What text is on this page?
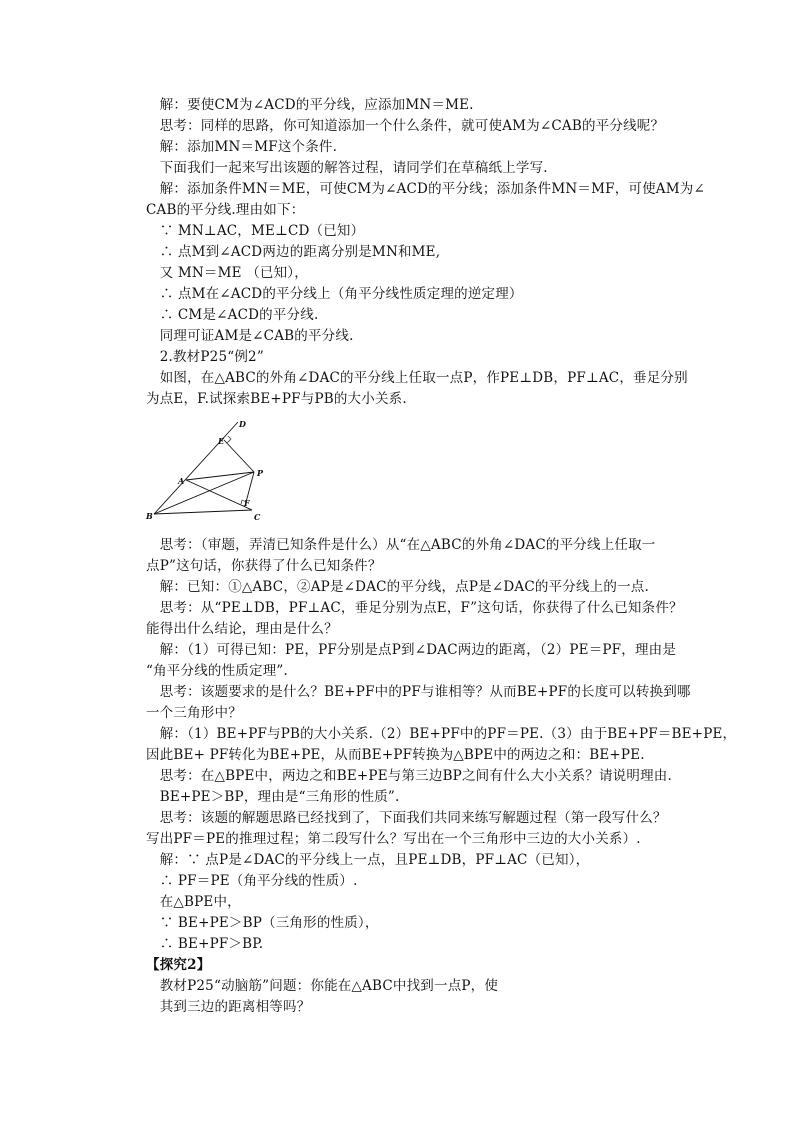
　解：要使CM为∠ACD的平分线，应添加MN＝ME.
　思考：同样的思路，你可知道添加一个什么条件，就可使AM为∠CAB的平分线呢？
　解：添加MN＝MF这个条件.
　下面我们一起来写出该题的解答过程，请同学们在草稿纸上学写.
　解：添加条件MN＝ME，可使CM为∠ACD的平分线；添加条件MN＝MF，可使AM为∠
CAB的平分线.理由如下：
　∵ MN⊥AC，ME⊥CD（已知）
　∴ 点M到∠ACD两边的距离分别是MN和ME,
　又 MN＝ME （已知），
　∴ 点M在∠ACD的平分线上（角平分线性质定理的逆定理）
　∴ CM是∠ACD的平分线.
　同理可证AM是∠CAB的平分线.
　2.教材P25“例2”
　如图，在△ABC的外角∠DAC的平分线上任取一点P，作PE⊥DB，PF⊥AC，垂足分别
为点E，F.试探索BE+PF与PB的大小关系.
D
E
A
P
F
B	C
　思考：（审题，弄清已知条件是什么）从“在△ABC的外角∠DAC的平分线上任取一
点P”这句话，你获得了什么已知条件？
　解：已知：①△ABC，②AP是∠DAC的平分线，点P是∠DAC的平分线上的一点.
　思考：从“PE⊥DB，PF⊥AC，垂足分别为点E，F”这句话，你获得了什么已知条件？
能得出什么结论，理由是什么？
　解：（1）可得已知：PE，PF分别是点P到∠DAC两边的距离，（2）PE＝PF，理由是
“角平分线的性质定理”.
　思考：该题要求的是什么？BE+PF中的PF与谁相等？从而BE+PF的长度可以转换到哪
一个三角形中？
　解：（1）BE+PF与PB的大小关系.（2）BE+PF中的PF＝PE.（3）由于BE+PF＝BE+PE，
因此BE+ PF转化为BE+PE，从而BE+PF转换为△BPE中的两边之和：BE+PE.
　思考：在△BPE中，两边之和BE+PE与第三边BP之间有什么大小关系？请说明理由.
　BE+PE＞BP，理由是“三角形的性质”.
　思考：该题的解题思路已经找到了，下面我们共同来练写解题过程（第一段写什么？
写出PF＝PE的推理过程；第二段写什么？写出在一个三角形中三边的大小关系）.
　解：∵ 点P是∠DAC的平分线上一点，且PE⊥DB，PF⊥AC（已知），
　∴ PF＝PE（角平分线的性质）.
　在△BPE中，
　∵ BE+PE＞BP（三角形的性质），
　∴ BE+PF＞BP.
【探究2】
　教材P25“动脑筋”问题：你能在△ABC中找到一点P，使
　其到三边的距离相等吗？
